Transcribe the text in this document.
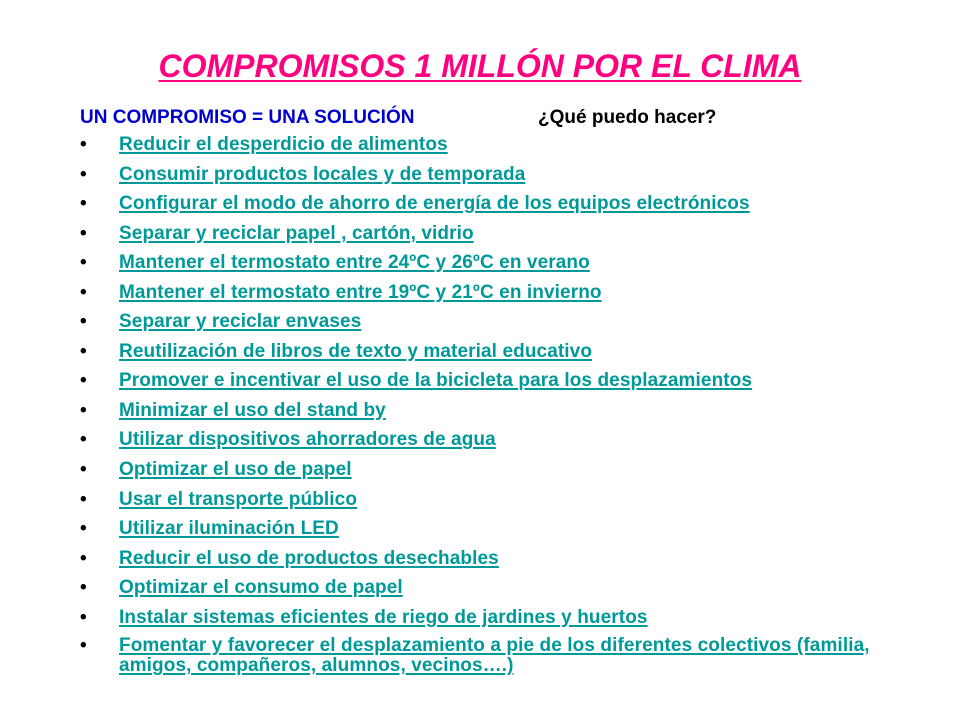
COMPROMISOS 1 MILLÓN POR EL CLIMA
UN COMPROMISO = UNA SOLUCIÓN	¿Qué puedo hacer?
• Reducir el desperdicio de alimentos
• Consumir productos locales y de temporada
• Configurar el modo de ahorro de energía de los equipos electrónicos
• Separar y reciclar papel , cartón, vidrio
• Mantener el termostato entre 24ºC y 26ºC en verano
• Mantener el termostato entre 19ºC y 21ºC en invierno
• Separar y reciclar envases
• Reutilización de libros de texto y material educativo
• Promover e incentivar el uso de la bicicleta para los desplazamientos
• Minimizar el uso del stand by
• Utilizar dispositivos ahorradores de agua
• Optimizar el uso de papel
• Usar el transporte público
• Utilizar iluminación LED
• Reducir el uso de productos desechables
• Optimizar el consumo de papel
• Instalar sistemas eficientes de riego de jardines y huertos
• Fomentar y favorecer el desplazamiento a pie de los diferentes colectivos (familia, amigos, compañeros, alumnos, vecinos….)
